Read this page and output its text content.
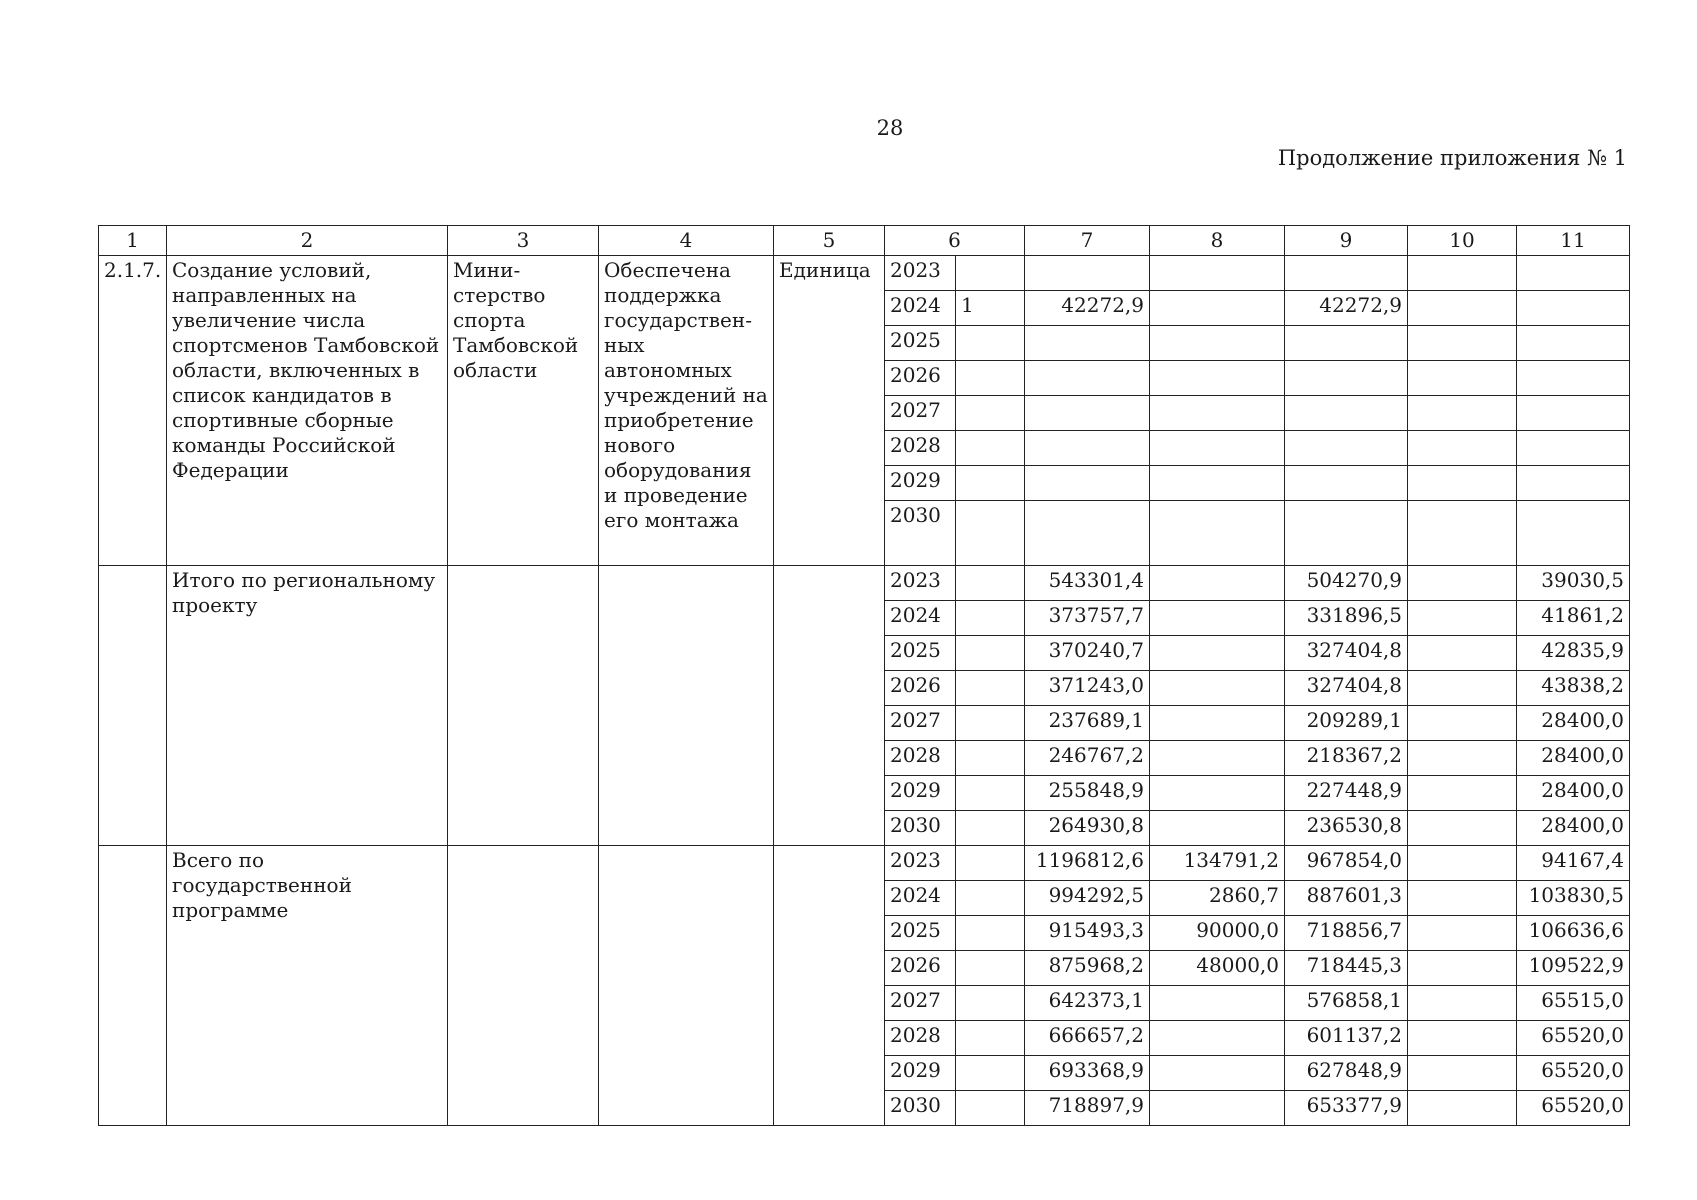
28
Продолжение приложения № 1
1	2	3	4	5	6		7	8	9	10	11
2.1.7.	Создание условий, направленных на увеличение числа спортсменов Тамбовской области, включенных в список кандидатов в спортивные сборные команды Российской Федерации	Мини-стерство спорта Тамбовской области	Обеспечена поддержка государствен-ных автономных учреждений на приобретение нового оборудования и проведение его монтажа	Единица	2023						
					2024	1	42272,9		42272,9		
					2025						
					2026						
					2027						
					2028						
					2029						
					2030						
	Итого по региональному проекту				2023		543301,4		504270,9		39030,5
					2024		373757,7		331896,5		41861,2
					2025		370240,7		327404,8		42835,9
					2026		371243,0		327404,8		43838,2
					2027		237689,1		209289,1		28400,0
					2028		246767,2		218367,2		28400,0
					2029		255848,9		227448,9		28400,0
					2030		264930,8		236530,8		28400,0
	Всего по государственной программе				2023		1196812,6	134791,2	967854,0		94167,4
					2024		994292,5	2860,7	887601,3		103830,5
					2025		915493,3	90000,0	718856,7		106636,6
					2026		875968,2	48000,0	718445,3		109522,9
					2027		642373,1		576858,1		65515,0
					2028		666657,2		601137,2		65520,0
					2029		693368,9		627848,9		65520,0
					2030		718897,9		653377,9		65520,0
